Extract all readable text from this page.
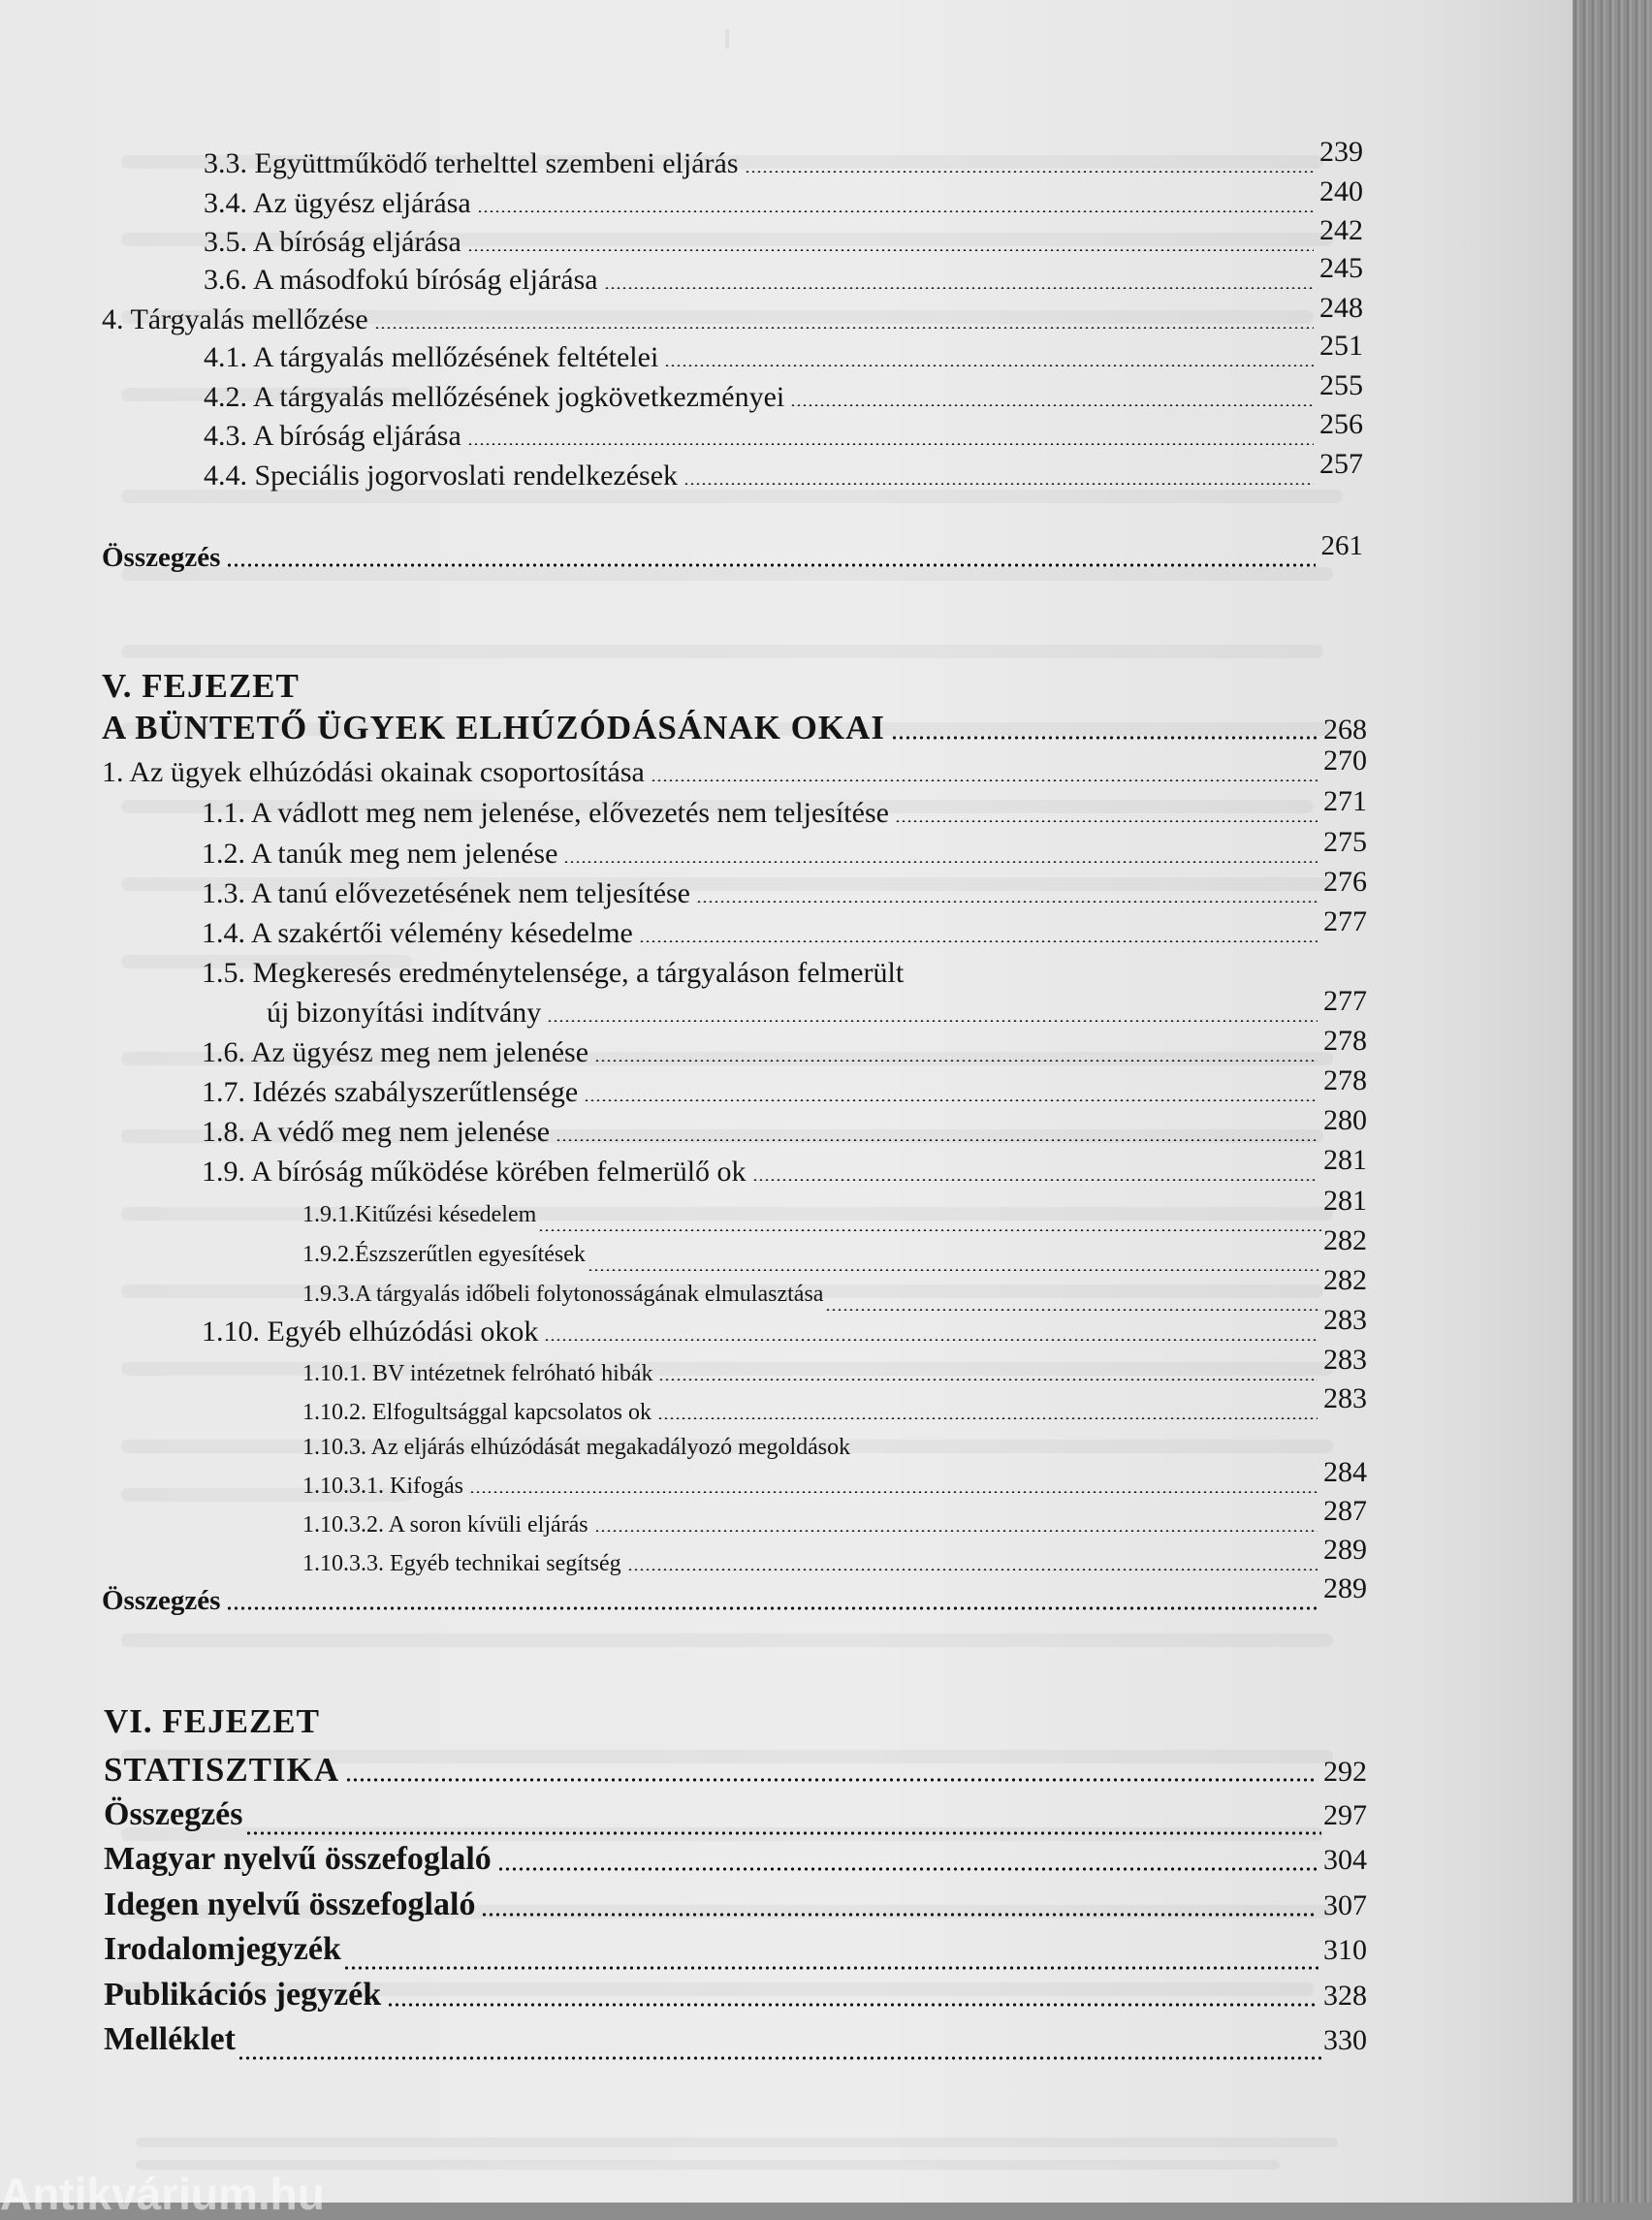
3.3. Együttműködő terhelttel szembeni eljárás	239
3.4. Az ügyész eljárása	240
3.5. A bíróság eljárása	242
3.6. A másodfokú bíróság eljárása	245
4. Tárgyalás mellőzése	248
4.1. A tárgyalás mellőzésének feltételei	251
4.2. A tárgyalás mellőzésének jogkövetkezményei	255
4.3. A bíróság eljárása	256
4.4. Speciális jogorvoslati rendelkezések	257
Összegzés	261
V. FEJEZET
A BÜNTETŐ ÜGYEK ELHÚZÓDÁSÁNAK OKAI	268
1. Az ügyek elhúzódási okainak csoportosítása	270
1.1. A vádlott meg nem jelenése, elővezetés nem teljesítése	271
1.2. A tanúk meg nem jelenése	275
1.3. A tanú elővezetésének nem teljesítése	276
1.4. A szakértői vélemény késedelme	277
1.5. Megkeresés eredménytelensége, a tárgyaláson felmerült
új bizonyítási indítvány	277
1.6. Az ügyész meg nem jelenése	278
1.7. Idézés szabályszerűtlensége	278
1.8. A védő meg nem jelenése	280
1.9. A bíróság működése körében felmerülő ok	281
1.9.1.Kitűzési késedelem	281
1.9.2.Észszerűtlen egyesítések	282
1.9.3.A tárgyalás időbeli folytonosságának elmulasztása	282
1.10. Egyéb elhúzódási okok	283
1.10.1. BV intézetnek felróható hibák	283
1.10.2. Elfogultsággal kapcsolatos ok	283
1.10.3. Az eljárás elhúzódását megakadályozó megoldások
1.10.3.1. Kifogás	284
1.10.3.2. A soron kívüli eljárás	287
1.10.3.3. Egyéb technikai segítség	289
Összegzés	289
VI. FEJEZET
STATISZTIKA	292
Összegzés	297
Magyar nyelvű összefoglaló	304
Idegen nyelvű összefoglaló	307
Irodalomjegyzék	310
Publikációs jegyzék	328
Melléklet	330
Antikvárium.hu
